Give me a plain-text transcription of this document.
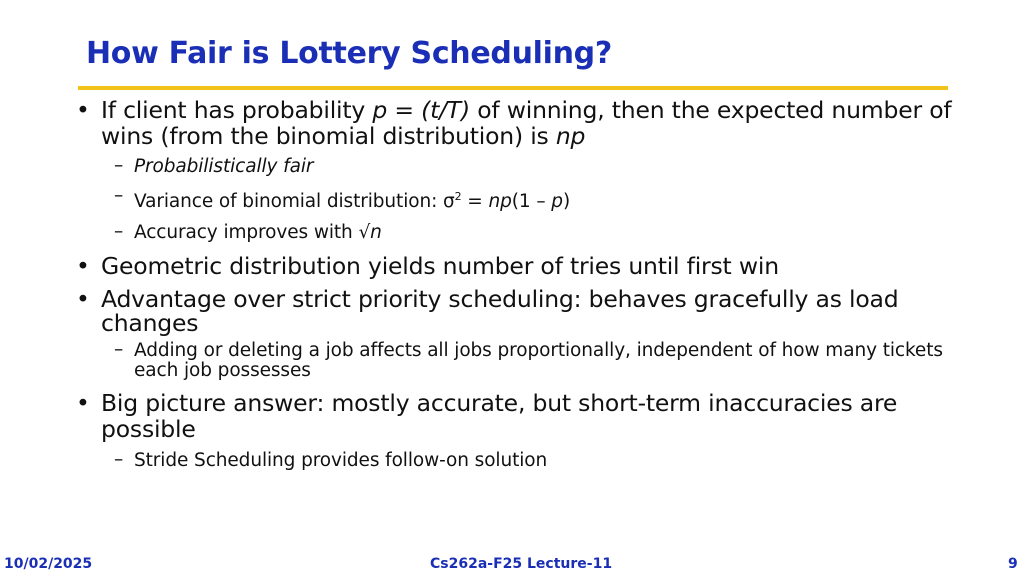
How Fair is Lottery Scheduling?
• If client has probability p = (t/T) of winning, then the expected number of wins (from the binomial distribution) is np
– Probabilistically fair
– Variance of binomial distribution: $\sigma^2 = np(1 - p)$
– Accuracy improves with √n
• Geometric distribution yields number of tries until first win
• Advantage over strict priority scheduling: behaves gracefully as load changes
– Adding or deleting a job affects all jobs proportionally, independent of how many tickets each job possesses
• Big picture answer: mostly accurate, but short-term inaccuracies are possible
– Stride Scheduling provides follow-on solution
10/02/2025	Cs262a-F25 Lecture-11	9
